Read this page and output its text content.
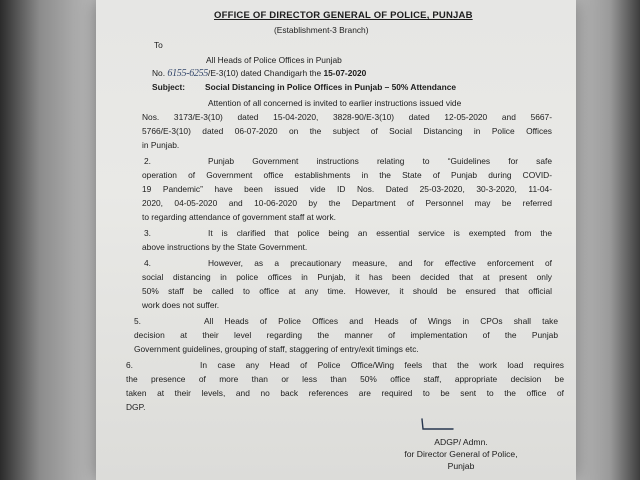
OFFICE OF DIRECTOR GENERAL OF POLICE, PUNJAB
(Establishment-3 Branch)
To
All Heads of Police Offices in Punjab
No. 6155-6255/E-3(10) dated Chandigarh the 15-07-2020
Subject: Social Distancing in Police Offices in Punjab – 50% Attendance
Attention of all concerned is invited to earlier instructions issued vide
Nos. 3173/E-3(10) dated 15-04-2020, 3828-90/E-3(10) dated 12-05-2020 and 5667-
5766/E-3(10) dated 06-07-2020 on the subject of Social Distancing in Police Offices
in Punjab.
2.	Punjab Government instructions relating to “Guidelines for safe
operation of Government office establishments in the State of Punjab during COVID-
19 Pandemic” have been issued vide ID Nos. Dated 25-03-2020, 30-3-2020, 11-04-
2020, 04-05-2020 and 10-06-2020 by the Department of Personnel may be referred
to regarding attendance of government staff at work.
3.	It is clarified that police being an essential service is exempted from the
above instructions by the State Government.
4.	However, as a precautionary measure, and for effective enforcement of
social distancing in police offices in Punjab, it has been decided that at present only
50% staff be called to office at any time. However, it should be ensured that official
work does not suffer.
5.	All Heads of Police Offices and Heads of Wings in CPOs shall take
decision at their level regarding the manner of implementation of the Punjab
Government guidelines, grouping of staff, staggering of entry/exit timings etc.
6.	In case any Head of Police Office/Wing feels that the work load requires
the presence of more than or less than 50% office staff, appropriate decision be
taken at their levels, and no back references are required to be sent to the office of
DGP.
ADGP/ Admn.
for Director General of Police,
Punjab
